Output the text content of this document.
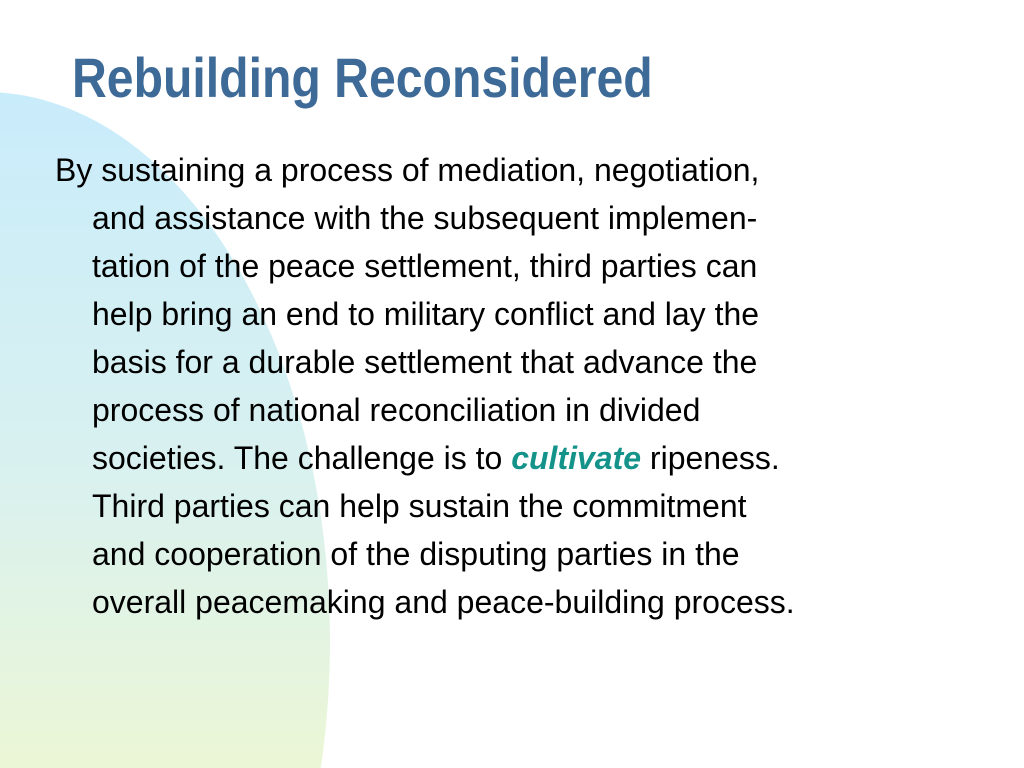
Rebuilding Reconsidered

By sustaining a process of mediation, negotiation,
and assistance with the subsequent implemen-
tation of the peace settlement, third parties can
help bring an end to military conflict and lay the
basis for a durable settlement that advance the
process of national reconciliation in divided
societies. The challenge is to cultivate ripeness.
Third parties can help sustain the commitment
and cooperation of the disputing parties in the
overall peacemaking and peace-building process.
